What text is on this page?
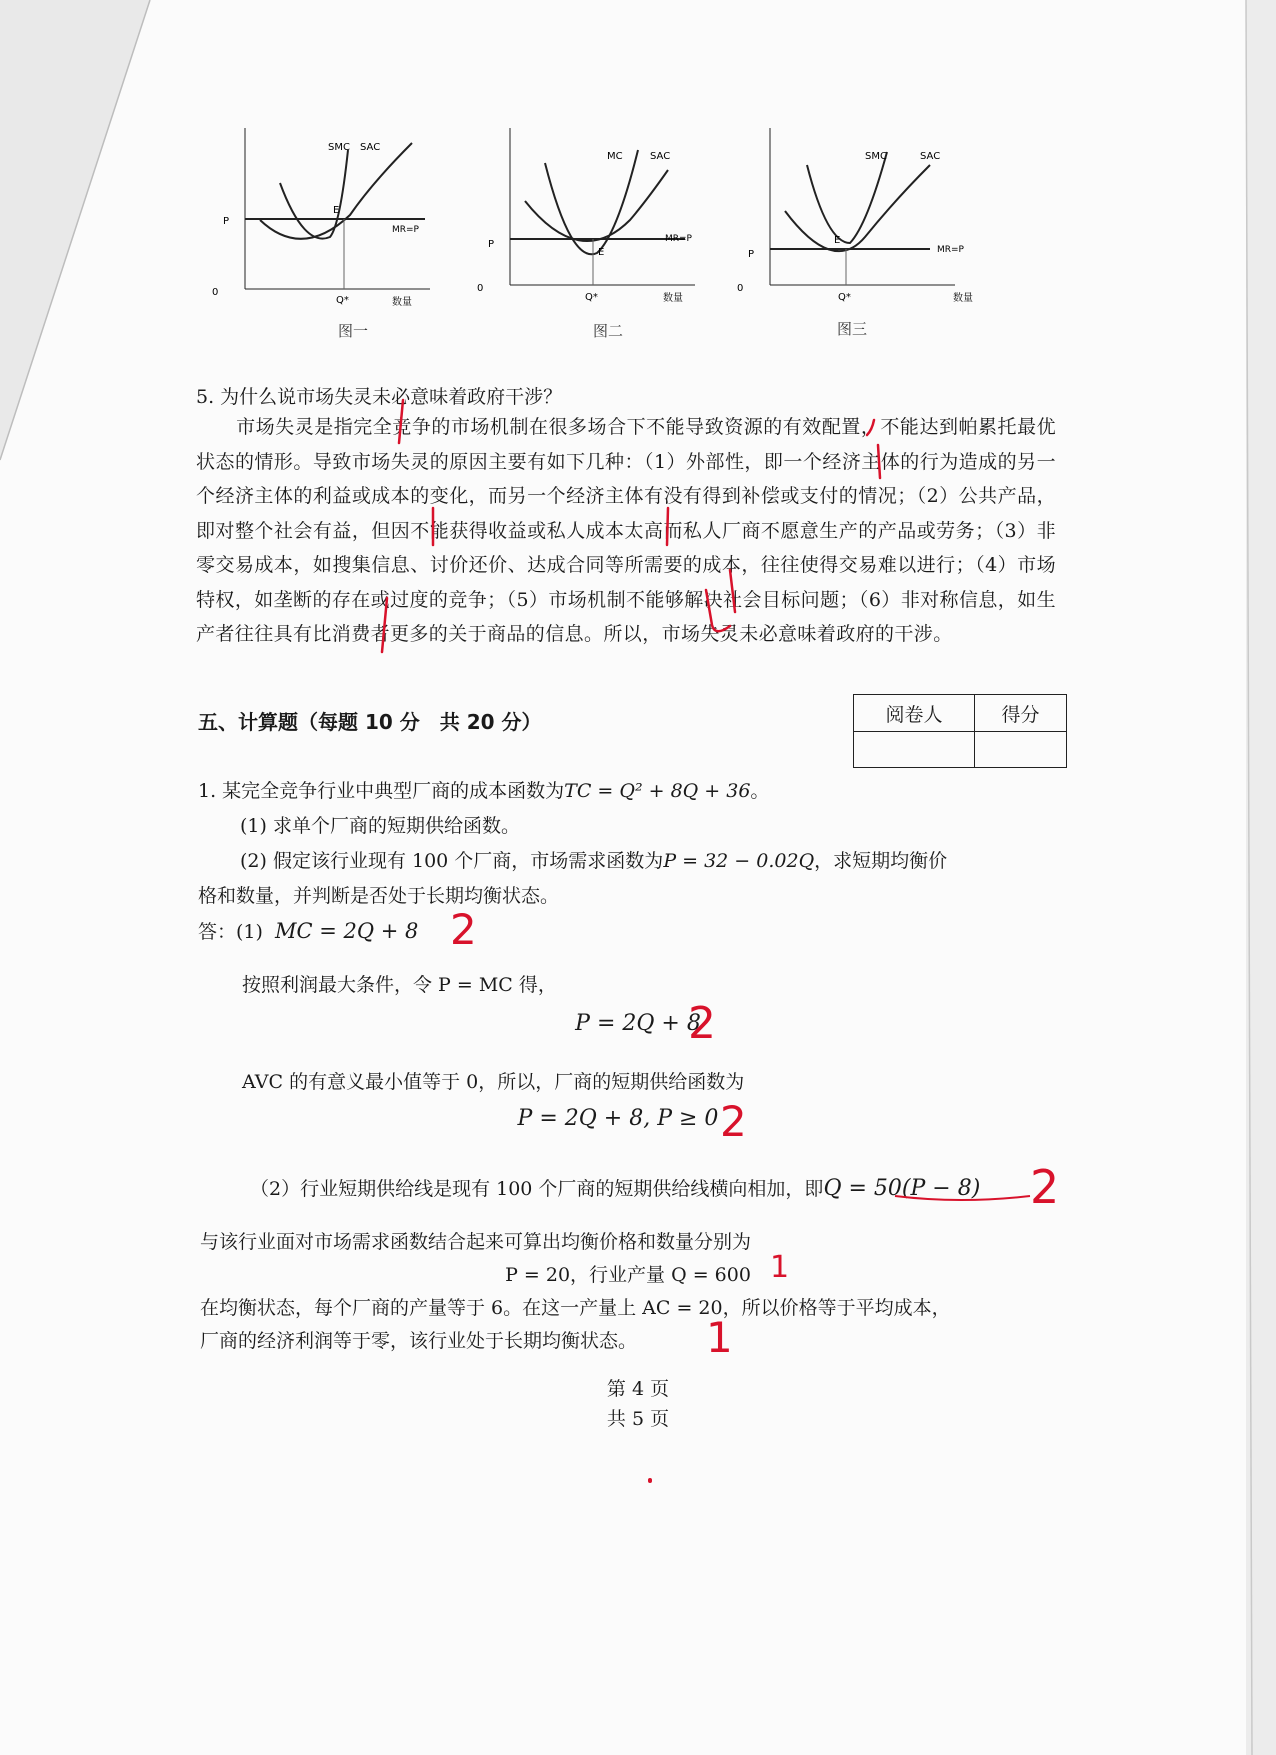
P
SMC SAC
E
MR=P
0
Q*	数量
图一
P
MC	SAC
E
MR=P
0
Q*	数量
图二
P
SMC	SAC
E
MR=P
0
Q*	数量
图三
5. 为什么说市场失灵未必意味着政府干涉？
市场失灵是指完全竞争的市场机制在很多场合下不能导致资源的有效配置，不能达到帕累托最优状态的情形。导致市场失灵的原因主要有如下几种：（1）外部性，即一个经济主体的行为造成的另一个经济主体的利益或成本的变化，而另一个经济主体有没有得到补偿或支付的情况；（2）公共产品，即对整个社会有益，但因不能获得收益或私人成本太高而私人厂商不愿意生产的产品或劳务；（3）非零交易成本，如搜集信息、讨价还价、达成合同等所需要的成本，往往使得交易难以进行；（4）市场特权，如垄断的存在或过度的竞争；（5）市场机制不能够解决社会目标问题；（6）非对称信息，如生产者往往具有比消费者更多的关于商品的信息。所以，市场失灵未必意味着政府的干涉。
五、计算题（每题 10 分　共 20 分）	阅卷人	得分

1. 某完全竞争行业中典型厂商的成本函数为TC = Q² + 8Q + 36。
(1) 求单个厂商的短期供给函数。
(2) 假定该行业现有 100 个厂商，市场需求函数为P = 32 − 0.02Q，求短期均衡价
格和数量，并判断是否处于长期均衡状态。
答：(1) MC = 2Q + 8
按照利润最大条件，令 P = MC 得，
P = 2Q + 8
AVC 的有意义最小值等于 0，所以，厂商的短期供给函数为
P = 2Q + 8, P ≥ 0
（2）行业短期供给线是现有 100 个厂商的短期供给线横向相加，即Q = 50(P − 8)
与该行业面对市场需求函数结合起来可算出均衡价格和数量分别为
P = 20，行业产量 Q = 600
在均衡状态，每个厂商的产量等于 6。在这一产量上 AC = 20，所以价格等于平均成本，
厂商的经济利润等于零，该行业处于长期均衡状态。
2
2
2
2
1
1
第 4 页
共 5 页
